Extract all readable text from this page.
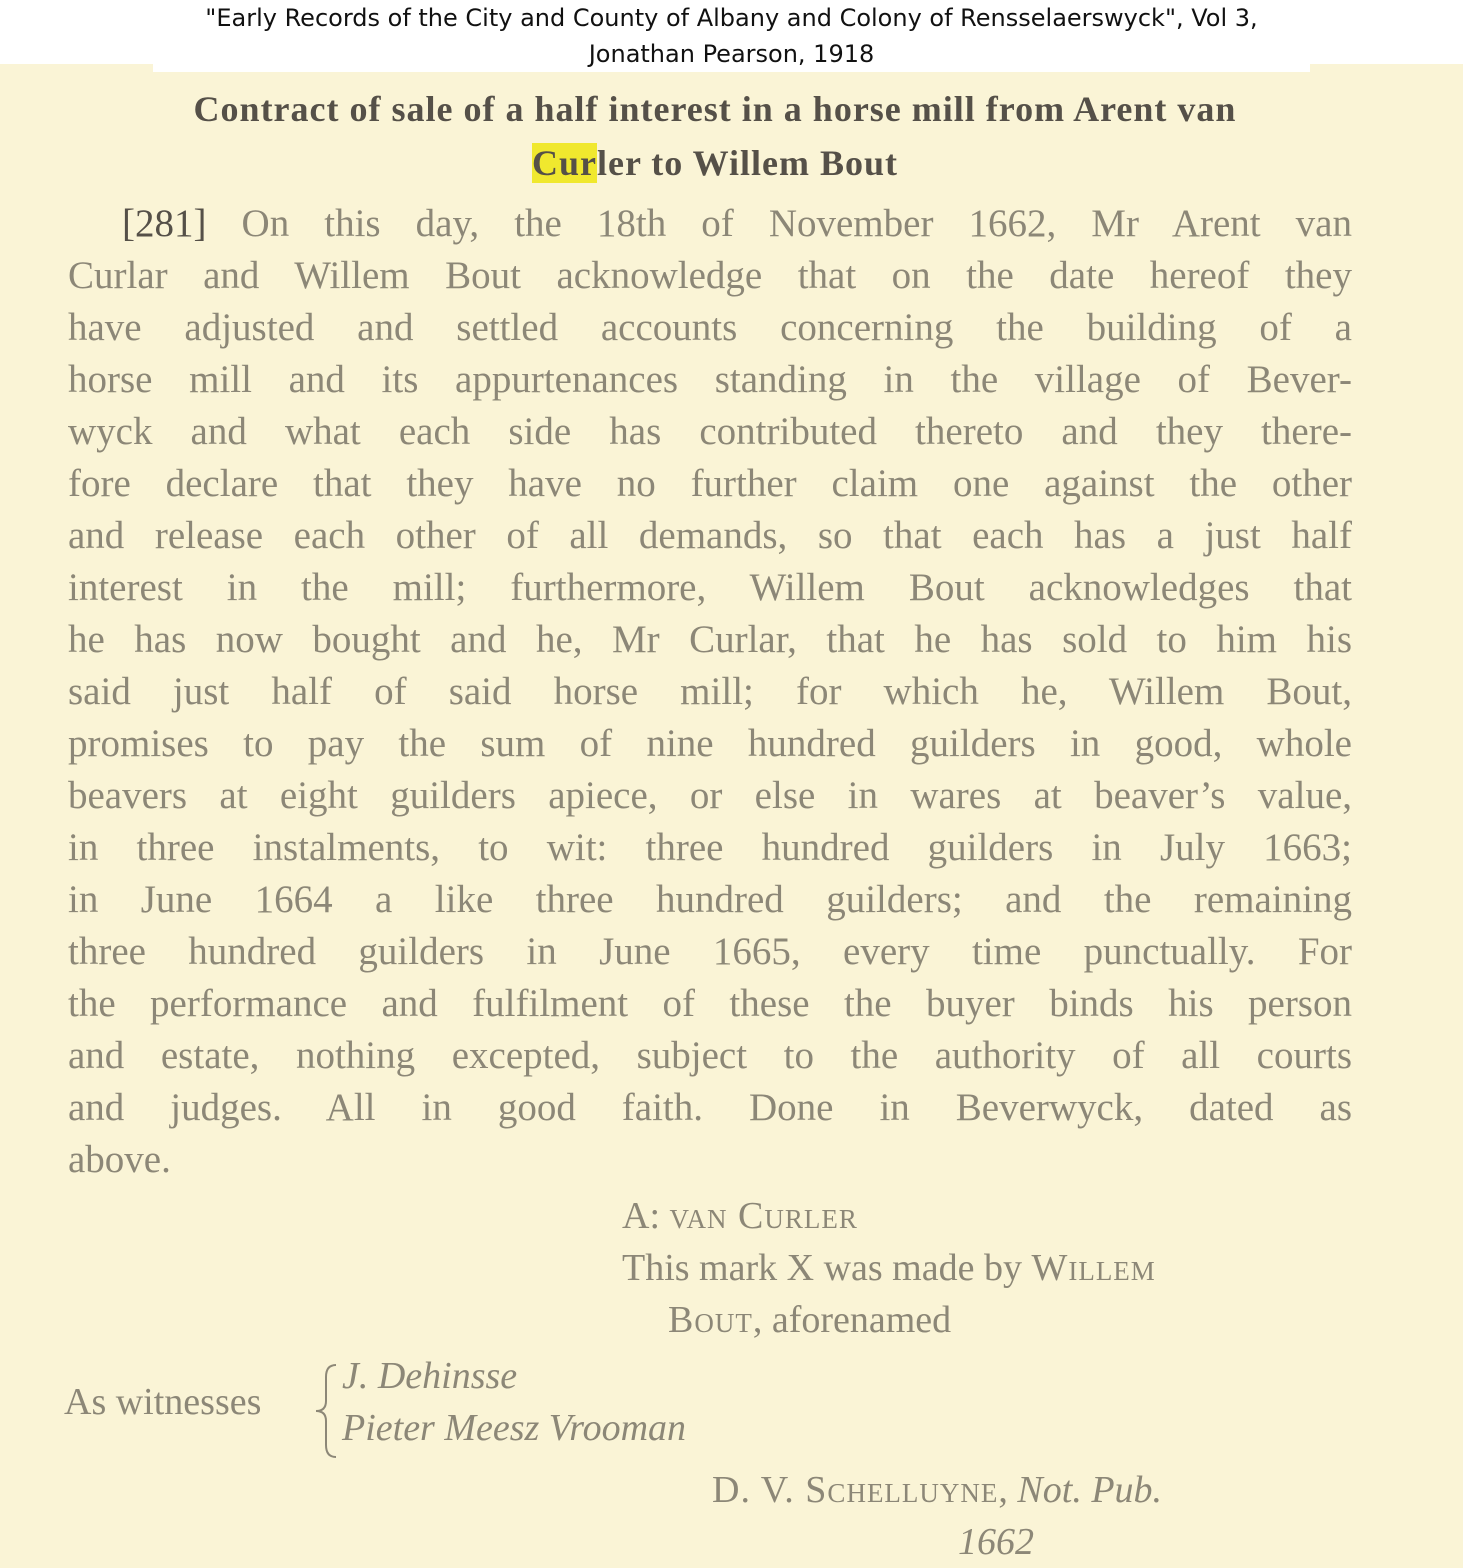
"Early Records of the City and County of Albany and Colony of Rensselaerswyck", Vol 3,
Jonathan Pearson, 1918
Contract of sale of a half interest in a horse mill from Arent van
Curler to Willem Bout
[281] On this day, the 18th of November 1662, Mr Arent van
Curlar and Willem Bout acknowledge that on the date hereof they
have adjusted and settled accounts concerning the building of a
horse mill and its appurtenances standing in the village of Bever-
wyck and what each side has contributed thereto and they there-
fore declare that they have no further claim one against the other
and release each other of all demands, so that each has a just half
interest in the mill; furthermore, Willem Bout acknowledges that
he has now bought and he, Mr Curlar, that he has sold to him his
said just half of said horse mill; for which he, Willem Bout,
promises to pay the sum of nine hundred guilders in good, whole
beavers at eight guilders apiece, or else in wares at beaver’s value,
in three instalments, to wit: three hundred guilders in July 1663;
in June 1664 a like three hundred guilders; and the remaining
three hundred guilders in June 1665, every time punctually. For
the performance and fulfilment of these the buyer binds his person
and estate, nothing excepted, subject to the authority of all courts
and judges. All in good faith. Done in Beverwyck, dated as
above.
A: van Curler
This mark X was made by Willem
Bout, aforenamed
As witnesses
J. Dehinsse
Pieter Meesz Vrooman
D. V. Schelluyne, Not. Pub.
1662
